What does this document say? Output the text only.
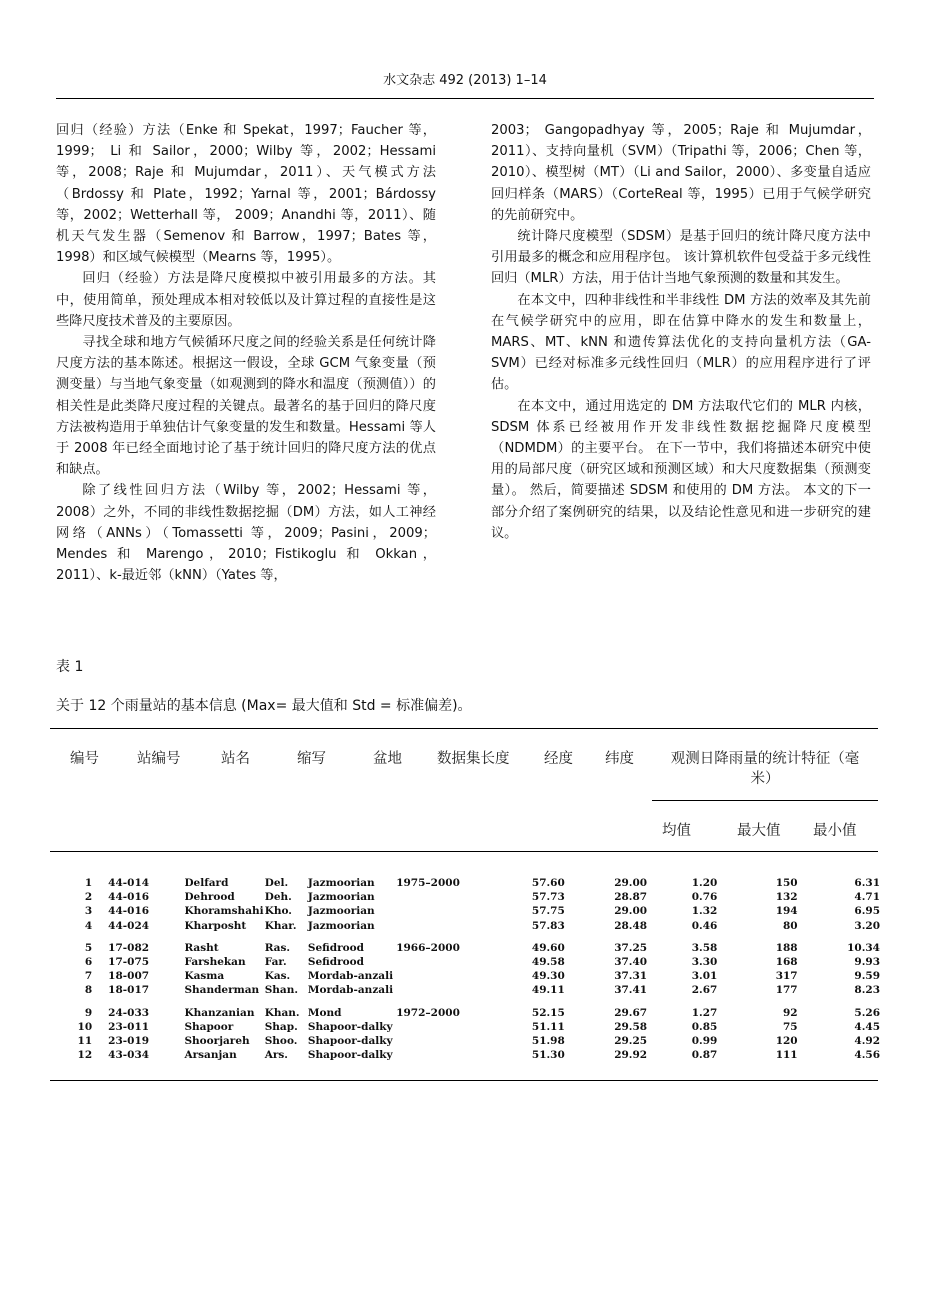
水文杂志 492 (2013) 1–14

回归（经验）方法（Enke 和 Spekat，1997；Faucher 等，1999； Li 和 Sailor，2000；Wilby 等，2002；Hessami 等，2008；Raje 和 Mujumdar，2011）、天气模式方法（Brdossy 和 Plate，1992；Yarnal 等，2001；Bárdossy 等，2002；Wetterhall 等， 2009；Anandhi 等，2011）、随机天气发生器（Semenov 和 Barrow，1997；Bates 等，1998）和区域气候模型（Mearns 等，1995）。

回归（经验）方法是降尺度模拟中被引用最多的方法。其中，使用简单，预处理成本相对较低以及计算过程的直接性是这些降尺度技术普及的主要原因。

寻找全球和地方气候循环尺度之间的经验关系是任何统计降尺度方法的基本陈述。根据这一假设，全球 GCM 气象变量（预测变量）与当地气象变量（如观测到的降水和温度（预测值））的相关性是此类降尺度过程的关键点。最著名的基于回归的降尺度方法被构造用于单独估计气象变量的发生和数量。Hessami 等人于 2008 年已经全面地讨论了基于统计回归的降尺度方法的优点和缺点。

除了线性回归方法（Wilby 等，2002；Hessami 等，2008）之外，不同的非线性数据挖掘（DM）方法，如人工神经网络（ANNs）（Tomassetti 等，2009；Pasini，2009；Mendes 和 Marengo，2010；Fistikoglu 和 Okkan，2011）、k-最近邻（kNN）（Yates 等，

2003； Gangopadhyay 等，2005；Raje 和 Mujumdar，2011）、支持向量机（SVM）（Tripathi 等，2006；Chen 等，2010）、模型树（MT）（Li and Sailor，2000）、多变量自适应回归样条（MARS）（CorteReal 等，1995）已用于气候学研究的先前研究中。

统计降尺度模型（SDSM）是基于回归的统计降尺度方法中引用最多的概念和应用程序包。 该计算机软件包受益于多元线性回归（MLR）方法，用于估计当地气象预测的数量和其发生。

在本文中，四种非线性和半非线性 DM 方法的效率及其先前在气候学研究中的应用，即在估算中降水的发生和数量上，MARS、MT、kNN 和遗传算法优化的支持向量机方法（GA-SVM）已经对标准多元线性回归（MLR）的应用程序进行了评估。

在本文中，通过用选定的 DM 方法取代它们的 MLR 内核，SDSM 体系已经被用作开发非线性数据挖掘降尺度模型（NDMDM）的主要平台。 在下一节中，我们将描述本研究中使用的局部尺度（研究区域和预测区域）和大尺度数据集（预测变量）。 然后，简要描述 SDSM 和使用的 DM 方法。 本文的下一部分介绍了案例研究的结果，以及结论性意见和进一步研究的建议。

表 1
关于 12 个雨量站的基本信息 (Max= 最大值和 Std = 标准偏差)。
编号	站编号	站名	缩写	盆地 数据集长度 经度 纬度	观测日降雨量的统计特征（毫米）
均值	最大值 最小值
1	44-014	Delfard	Del.	Jazmoorian	1975–2000	57.60	29.00	1.20	150	6.31
2	44-016	Dehrood	Deh.	Jazmoorian		57.73	28.87	0.76	132	4.71
3	44-016	Khoramshahi	Kho.	Jazmoorian		57.75	29.00	1.32	194	6.95
4	44-024	Kharposht	Khar.	Jazmoorian		57.83	28.48	0.46	80	3.20

5	17-082	Rasht	Ras.	Sefidrood	1966–2000	49.60	37.25	3.58	188	10.34
6	17-075	Farshekan	Far.	Sefidrood		49.58	37.40	3.30	168	9.93
7	18-007	Kasma	Kas.	Mordab-anzali		49.30	37.31	3.01	317	9.59
8	18-017	Shanderman	Shan.	Mordab-anzali		49.11	37.41	2.67	177	8.23

9	24-033	Khanzanian	Khan.	Mond	1972–2000	52.15	29.67	1.27	92	5.26
10	23-011	Shapoor	Shap.	Shapoor-dalky		51.11	29.58	0.85	75	4.45
11	23-019	Shoorjareh	Shoo.	Shapoor-dalky		51.98	29.25	0.99	120	4.92
12	43-034	Arsanjan	Ars.	Shapoor-dalky		51.30	29.92	0.87	111	4.56
